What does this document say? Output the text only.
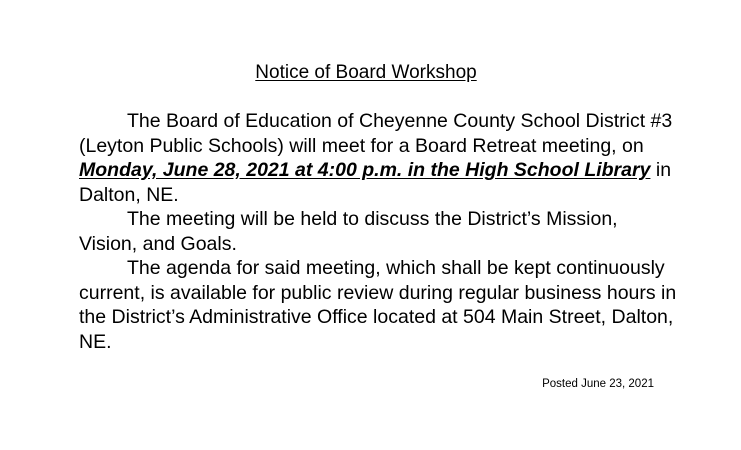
Notice of Board Workshop

The Board of Education of Cheyenne County School District #3 (Leyton Public Schools) will meet for a Board Retreat meeting, on Monday, June 28, 2021 at 4:00 p.m. in the High School Library in Dalton, NE.

The meeting will be held to discuss the District’s Mission, Vision, and Goals.

The agenda for said meeting, which shall be kept continuously current, is available for public review during regular business hours in the District’s Administrative Office located at 504 Main Street, Dalton, NE.

Posted June 23, 2021
